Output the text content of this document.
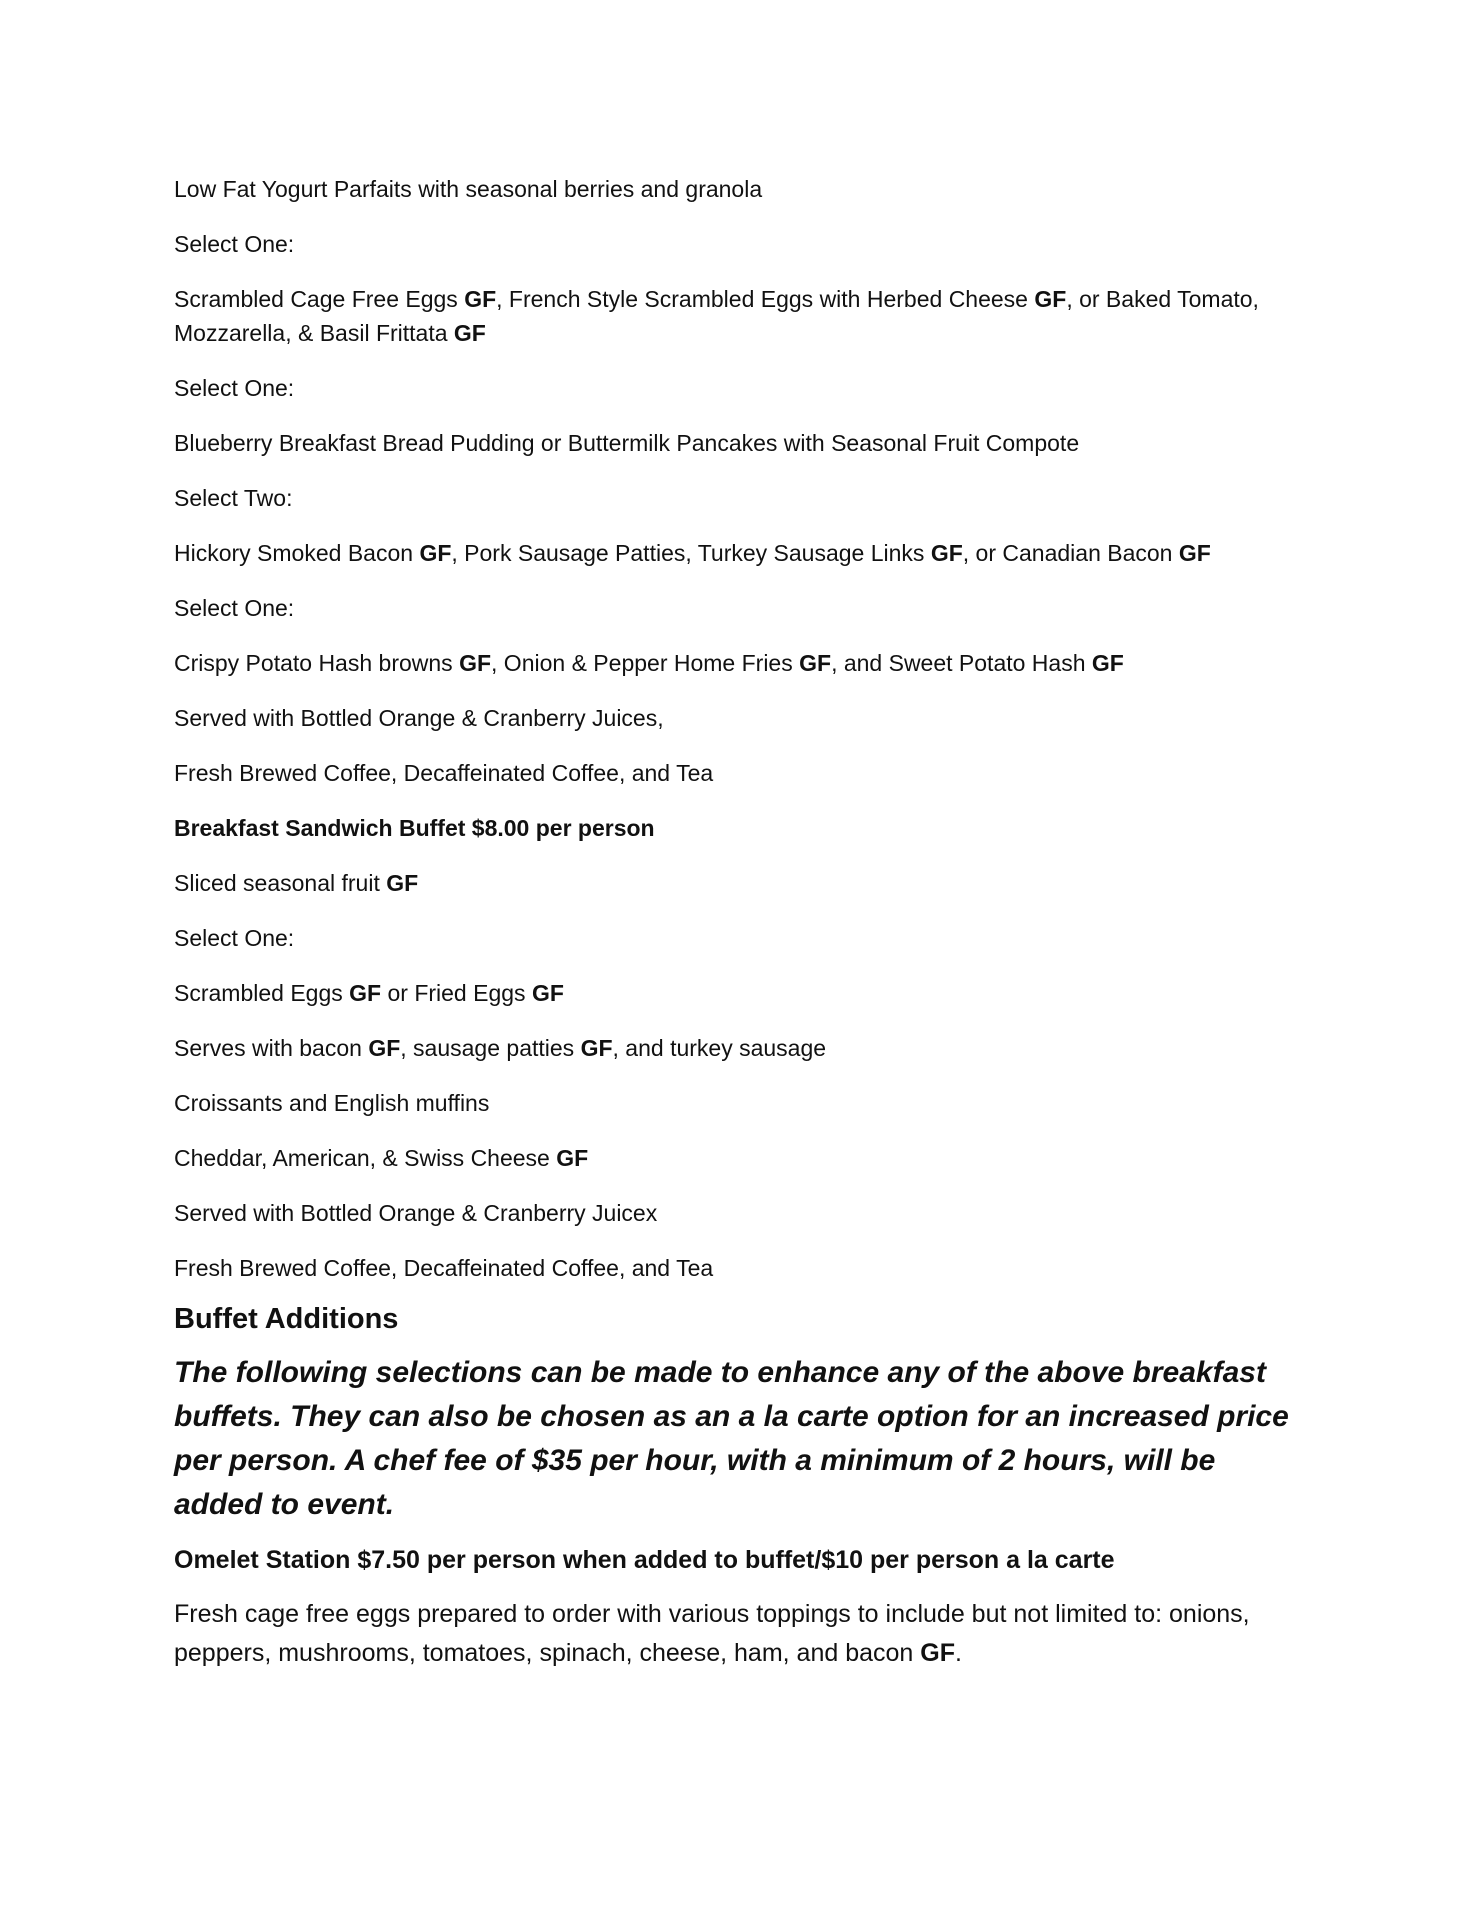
Low Fat Yogurt Parfaits with seasonal berries and granola

Select One:

Scrambled Cage Free Eggs GF, French Style Scrambled Eggs with Herbed Cheese GF, or Baked Tomato, Mozzarella, & Basil Frittata GF

Select One:

Blueberry Breakfast Bread Pudding or Buttermilk Pancakes with Seasonal Fruit Compote

Select Two:

Hickory Smoked Bacon GF, Pork Sausage Patties, Turkey Sausage Links GF, or Canadian Bacon GF

Select One:

Crispy Potato Hash browns GF, Onion & Pepper Home Fries GF, and Sweet Potato Hash GF

Served with Bottled Orange & Cranberry Juices,

Fresh Brewed Coffee, Decaffeinated Coffee, and Tea

Breakfast Sandwich Buffet $8.00 per person

Sliced seasonal fruit GF

Select One:

Scrambled Eggs GF or Fried Eggs GF

Serves with bacon GF, sausage patties GF, and turkey sausage

Croissants and English muffins

Cheddar, American, & Swiss Cheese GF

Served with Bottled Orange & Cranberry Juicex

Fresh Brewed Coffee, Decaffeinated Coffee, and Tea

Buffet Additions

The following selections can be made to enhance any of the above breakfast buffets. They can also be chosen as an a la carte option for an increased price per person. A chef fee of $35 per hour, with a minimum of 2 hours, will be added to event.

Omelet Station $7.50 per person when added to buffet/$10 per person a la carte

Fresh cage free eggs prepared to order with various toppings to include but not limited to: onions, peppers, mushrooms, tomatoes, spinach, cheese, ham, and bacon GF.
